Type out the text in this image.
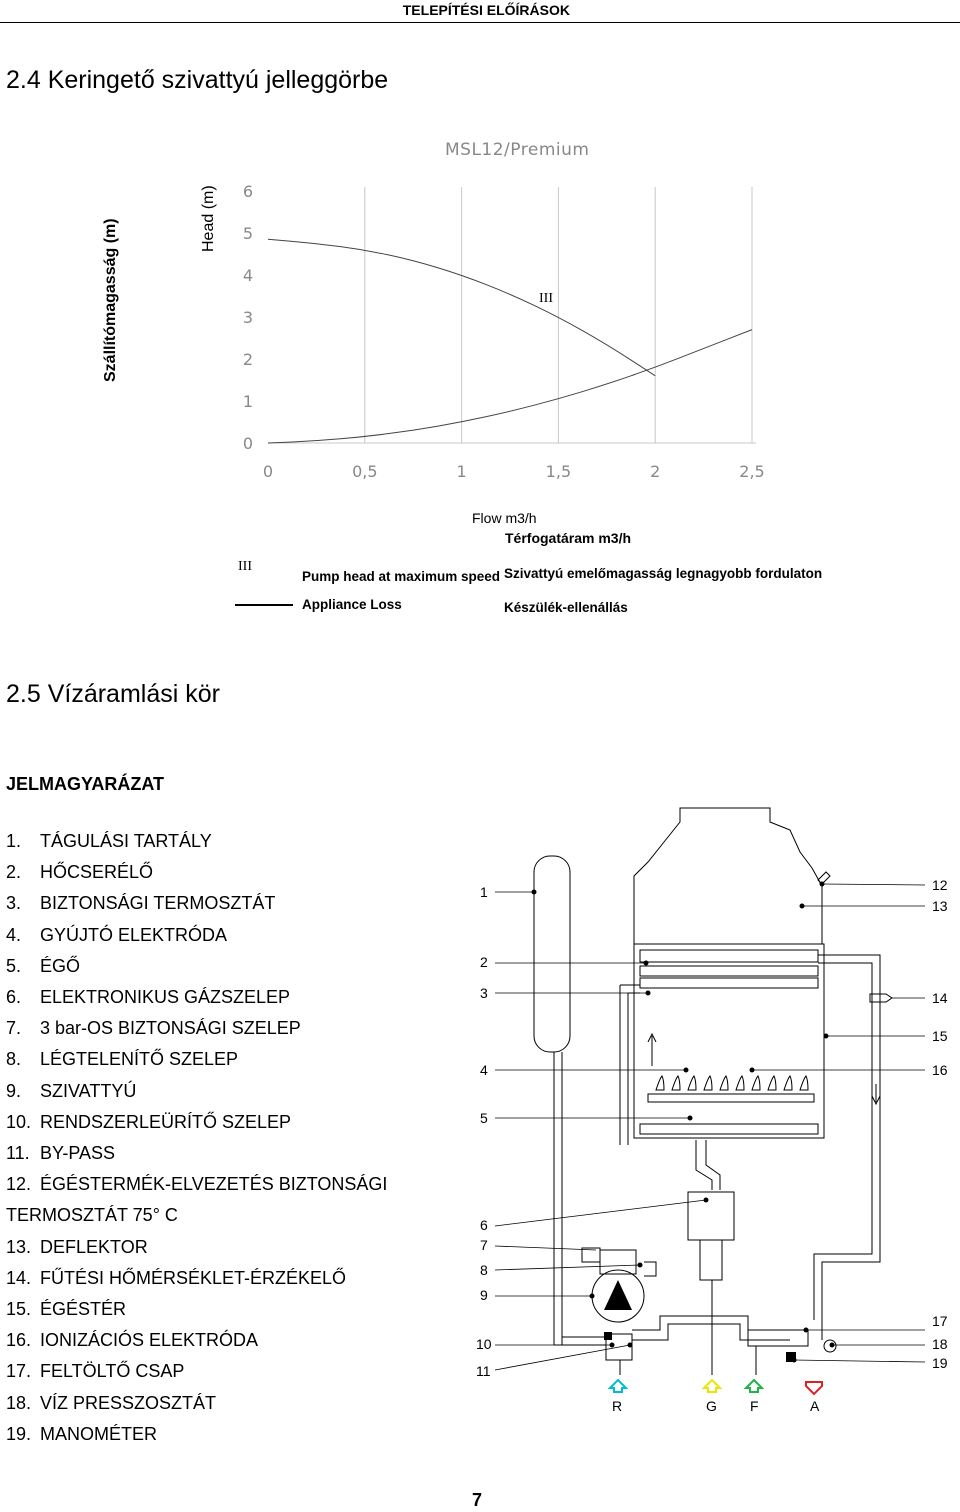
TELEPÍTÉSI ELŐÍRÁSOK
2.4 Keringető szivattyú jelleggörbe
MSL12/Premium
Szállítómagasság (m)	Head (m)
0
1
2
3
4
5
6
0	0,5	1	1,5	2	2,5
III
Flow m3/h
Térfogatáram m3/h
III
Pump head at maximum speed Szivattyú emelőmagasság legnagyobb fordulaton
Appliance Loss	Készülék-ellenállás
2.5 Vízáramlási kör
JELMAGYARÁZAT
1. TÁGULÁSI TARTÁLY
2. HŐCSERÉLŐ
3. BIZTONSÁGI TERMOSZTÁT
4. GYÚJTÓ ELEKTRÓDA
5. ÉGŐ
6. ELEKTRONIKUS GÁZSZELEP
7. 3 bar-OS BIZTONSÁGI SZELEP
8. LÉGTELENÍTŐ SZELEP
9. SZIVATTYÚ
10. RENDSZERLEÜRÍTŐ SZELEP
11. BY-PASS
12. ÉGÉSTERMÉK-ELVEZETÉS BIZTONSÁGI
TERMOSZTÁT 75° C
13. DEFLEKTOR
14. FŰTÉSI HŐMÉRSÉKLET-ÉRZÉKELŐ
15. ÉGÉSTÉR
16. IONIZÁCIÓS ELEKTRÓDA
17. FELTÖLTŐ CSAP
18. VÍZ PRESSZOSZTÁT
19. MANOMÉTER
1
2
3
4
5
6
7
8
9
10
11
12
13
14
15
16
17
18
19
R	G F	A
7
